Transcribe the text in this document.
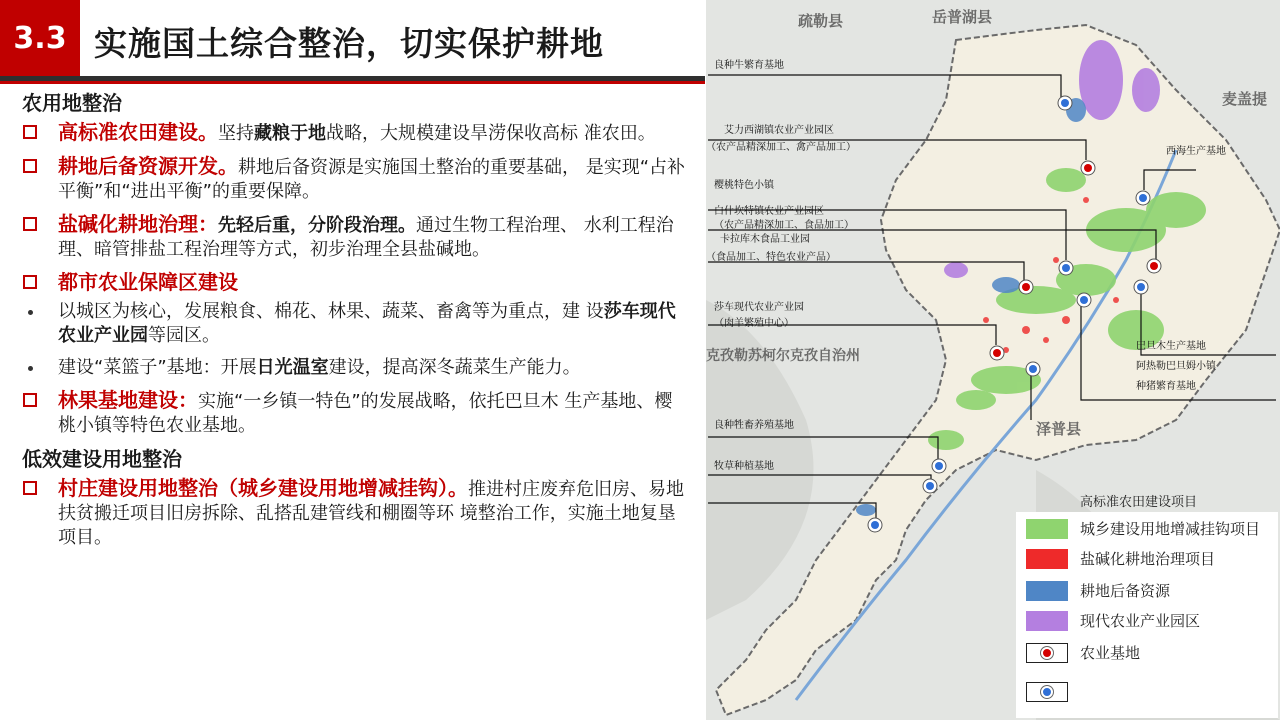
3.3 实施国土综合整治，切实保护耕地
农用地整治
高标准农田建设。坚持藏粮于地战略，大规模建设旱涝保收高标 准农田。
耕地后备资源开发。耕地后备资源是实施国土整治的重要基础， 是实现“占补平衡”和“进出平衡”的重要保障。
盐碱化耕地治理：先轻后重，分阶段治理。通过生物工程治理、 水利工程治理、暗管排盐工程治理等方式，初步治理全县盐碱地。
都市农业保障区建设
以城区为核心，发展粮食、棉花、林果、蔬菜、畜禽等为重点，建 设莎车现代农业产业园等园区。
建设“菜篮子”基地：开展日光温室建设，提高深冬蔬菜生产能力。
林果基地建设：实施“一乡镇一特色”的发展战略，依托巴旦木 生产基地、樱桃小镇等特色农业基地。
低效建设用地整治
村庄建设用地整治（城乡建设用地增减挂钩）。推进村庄废弃危旧房、易地扶贫搬迁项目旧房拆除、乱搭乱建管线和棚圈等环 境整治工作，实施土地复垦项目。
疏勒县	岳普湖县
麦盖提
泽普县
克孜勒苏柯尔克孜自治州
良种牛繁育基地
艾力西湖镇农业产业园区
（农产品精深加工、禽产品加工）	西海生产基地
樱桃特色小镇
白什坎特镇农业产业园区
（农产品精深加工、食品加工）
卡拉库木食品工业园
（食品加工、特色农业产品）
莎车现代农业产业园
（肉羊繁殖中心）
巴旦木生产基地
阿热勒巴旦姆小镇
种猪繁育基地
良种牲畜养殖基地
牧草种植基地
高标准农田建设项目
城乡建设用地增减挂钩项目
盐碱化耕地治理项目
耕地后备资源
现代农业产业园区
农业基地
